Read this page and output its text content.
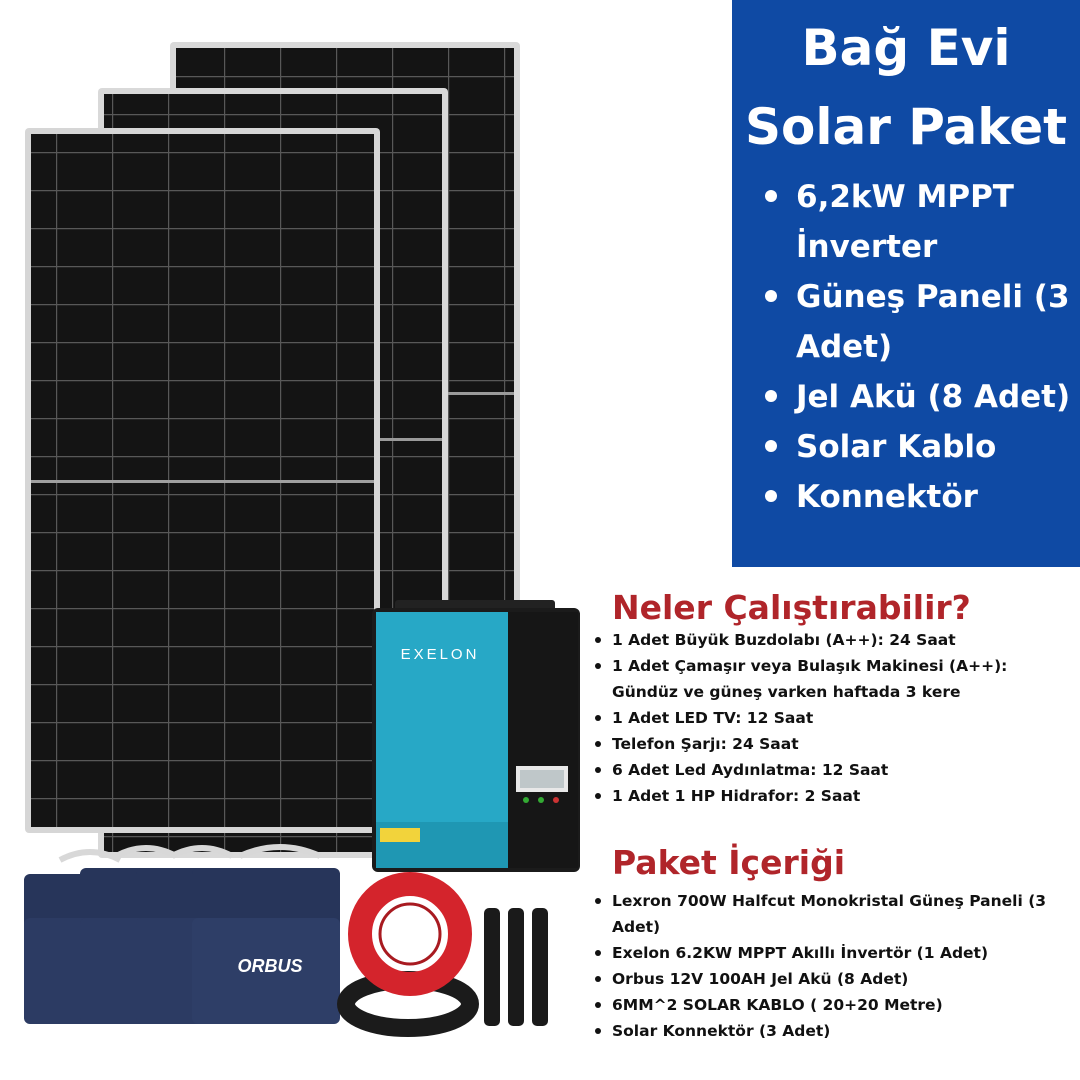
EXELON
ORBUS
Bağ Evi
Solar Paket
6,2kW MPPT İnverter
Güneş Paneli (3 Adet)
Jel Akü (8 Adet)
Solar Kablo
Konnektör
Neler Çalıştırabilir?
1 Adet Büyük Buzdolabı (A++): 24 Saat
1 Adet Çamaşır veya Bulaşık Makinesi (A++): Gündüz ve güneş varken haftada 3 kere
1 Adet LED TV: 12 Saat
Telefon Şarjı: 24 Saat
6 Adet Led Aydınlatma: 12 Saat
1 Adet 1 HP Hidrafor: 2 Saat
Paket İçeriği
Lexron 700W Halfcut Monokristal Güneş Paneli (3 Adet)
Exelon 6.2KW MPPT Akıllı İnvertör (1 Adet)
Orbus 12V 100AH Jel Akü (8 Adet)
6MM^2 SOLAR KABLO ( 20+20 Metre)
Solar Konnektör (3 Adet)
